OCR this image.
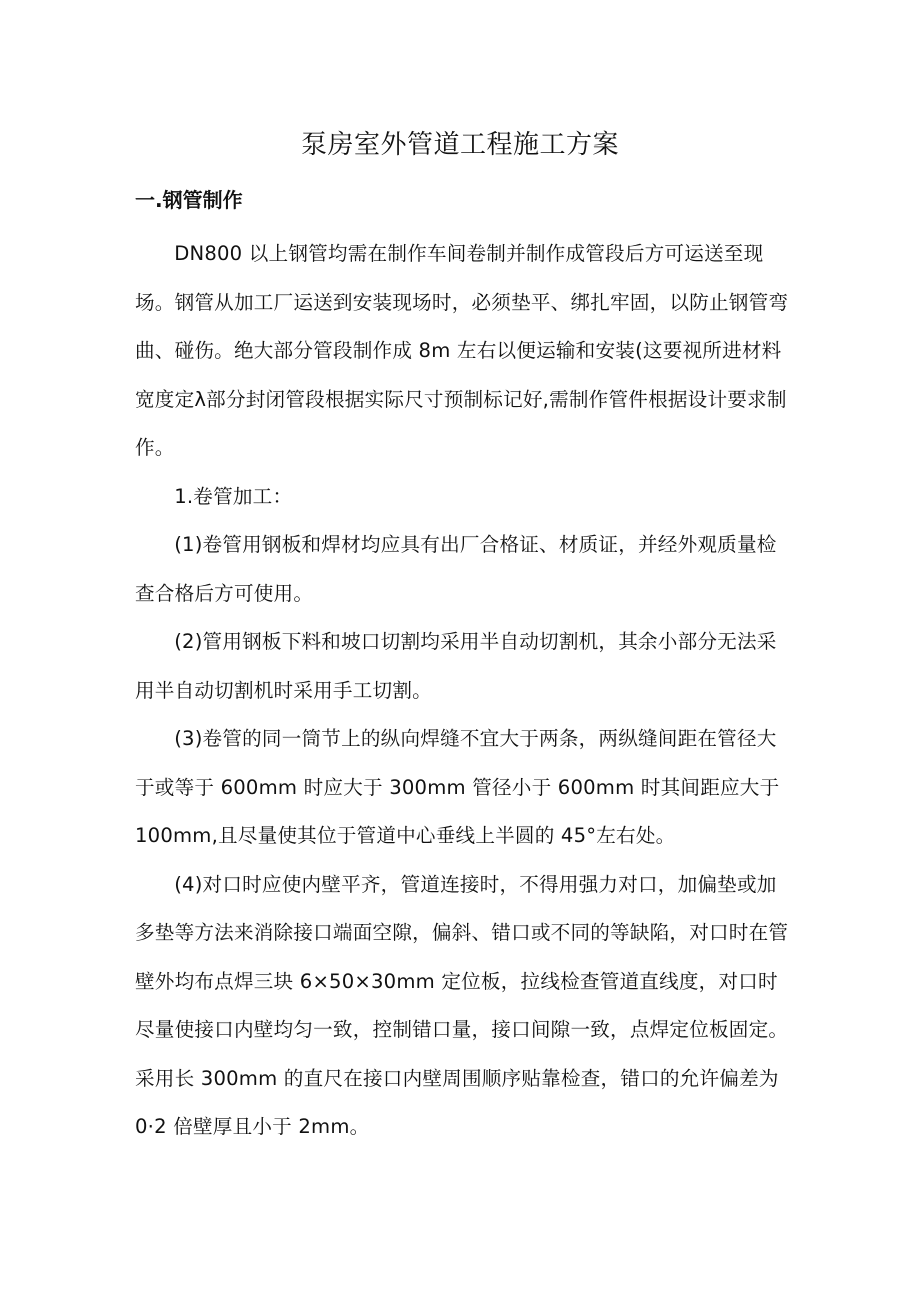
泵房室外管道工程施工方案
一.钢管制作

DN800 以上钢管均需在制作车间卷制并制作成管段后方可运送至现场。钢管从加工厂运送到安装现场时，必须垫平、绑扎牢固，以防止钢管弯曲、碰伤。绝大部分管段制作成 8m 左右以便运输和安装(这要视所进材料宽度定λ部分封闭管段根据实际尺寸预制标记好,需制作管件根据设计要求制作。

1.卷管加工：

(1)卷管用钢板和焊材均应具有出厂合格证、材质证，并经外观质量检查合格后方可使用。

(2)管用钢板下料和坡口切割均采用半自动切割机，其余小部分无法采用半自动切割机时采用手工切割。

(3)卷管的同一筒节上的纵向焊缝不宜大于两条，两纵缝间距在管径大于或等于 600mm 时应大于 300mm 管径小于 600mm 时其间距应大于100mm,且尽量使其位于管道中心垂线上半圆的 45°左右处。

(4)对口时应使内壁平齐，管道连接时，不得用强力对口，加偏垫或加多垫等方法来消除接口端面空隙，偏斜、错口或不同的等缺陷，对口时在管壁外均布点焊三块 6×50×30mm 定位板，拉线检查管道直线度，对口时尽量使接口内壁均匀一致，控制错口量，接口间隙一致，点焊定位板固定。采用长 300mm 的直尺在接口内壁周围顺序贴靠检查，错口的允许偏差为0·2 倍壁厚且小于 2mm。
